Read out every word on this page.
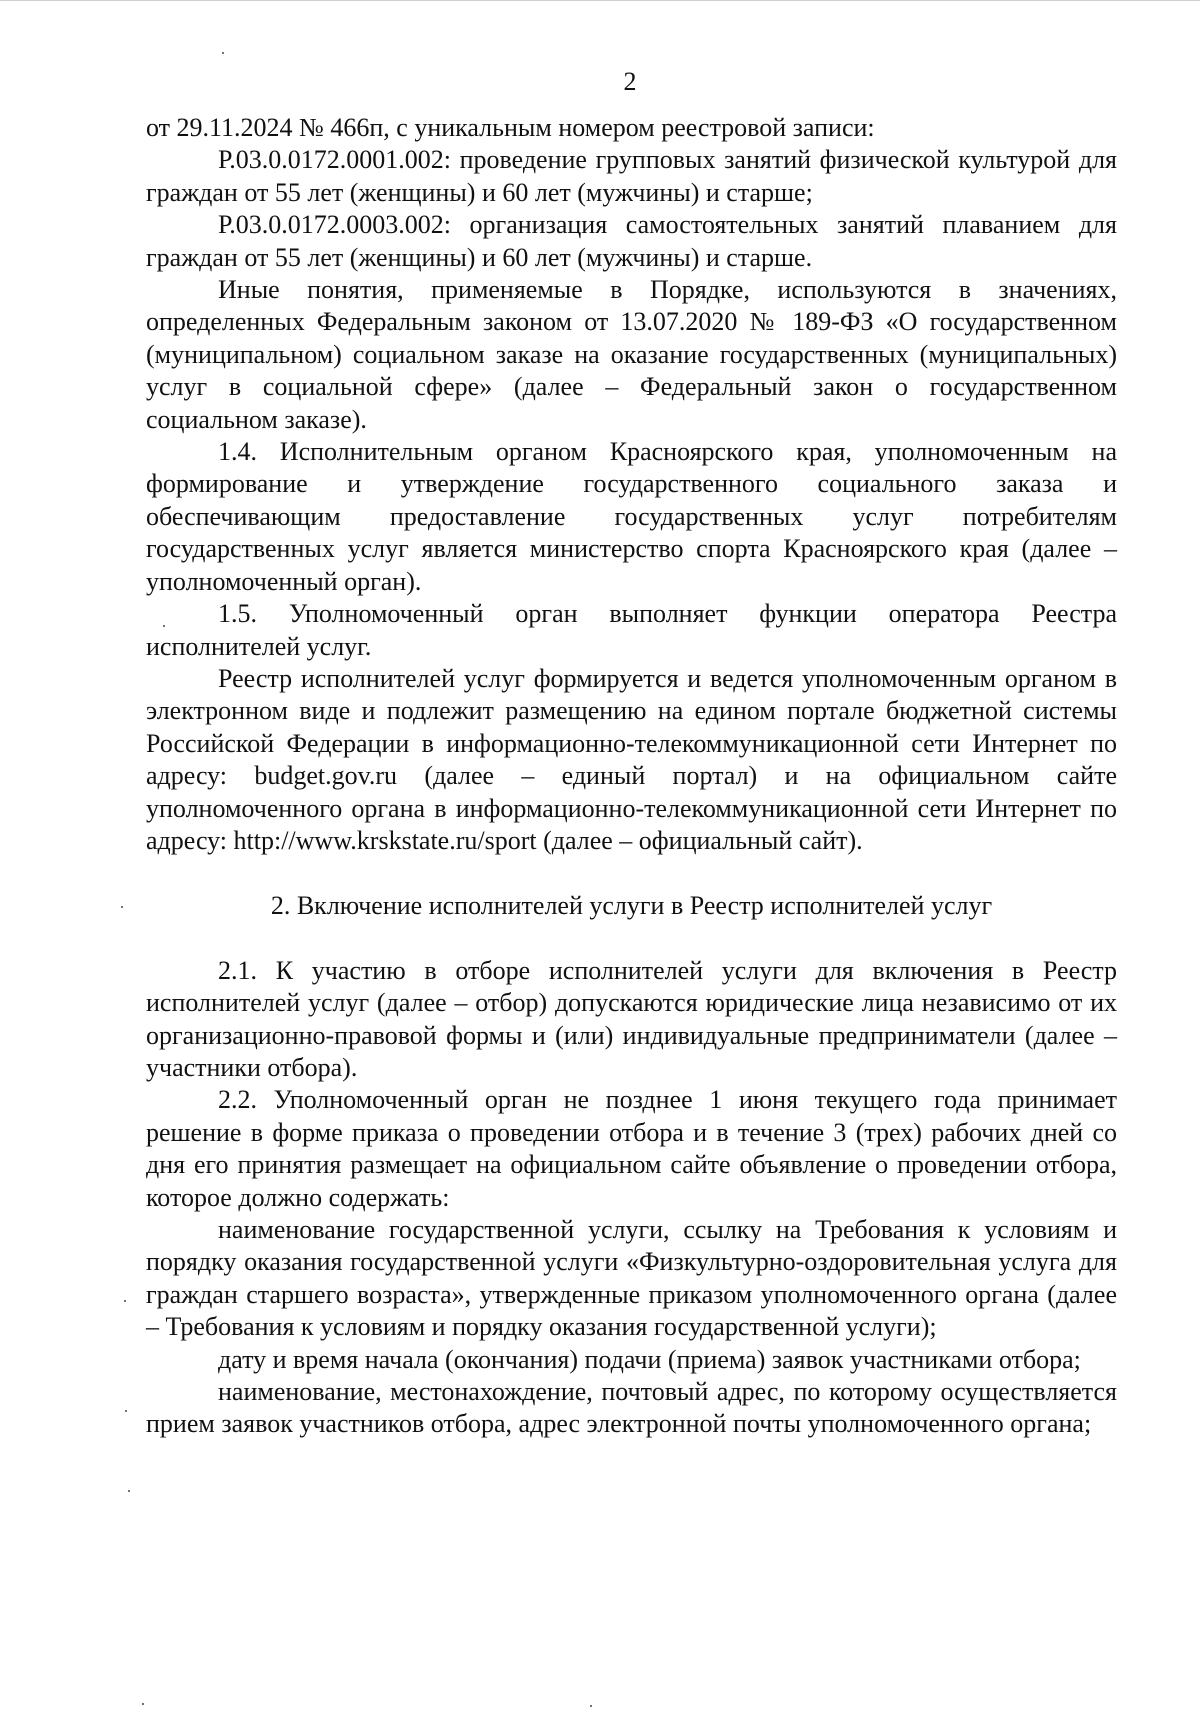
2

от 29.11.2024 № 466п, с уникальным номером реестровой записи:

Р.03.0.0172.0001.002: проведение групповых занятий физической культурой для граждан от 55 лет (женщины) и 60 лет (мужчины) и старше;

Р.03.0.0172.0003.002: организация самостоятельных занятий плаванием для граждан от 55 лет (женщины) и 60 лет (мужчины) и старше.

Иные понятия, применяемые в Порядке, используются в значениях, определенных Федеральным законом от 13.07.2020 № 189-ФЗ «О государственном (муниципальном) социальном заказе на оказание государственных (муниципальных) услуг в социальной сфере» (далее – Федеральный закон о государственном социальном заказе).

1.4. Исполнительным органом Красноярского края, уполномоченным на формирование и утверждение государственного социального заказа и обеспечивающим предоставление государственных услуг потребителям государственных услуг является министерство спорта Красноярского края (далее – уполномоченный орган).

1.5. Уполномоченный орган выполняет функции оператора Реестра исполнителей услуг.

Реестр исполнителей услуг формируется и ведется уполномоченным органом в электронном виде и подлежит размещению на едином портале бюджетной системы Российской Федерации в информационно-телекоммуникационной сети Интернет по адресу: budget.gov.ru (далее – единый портал) и на официальном сайте уполномоченного органа в информационно-телекоммуникационной сети Интернет по адресу: http://www.krskstate.ru/sport (далее – официальный сайт).

2. Включение исполнителей услуги в Реестр исполнителей услуг

2.1. К участию в отборе исполнителей услуги для включения в Реестр исполнителей услуг (далее – отбор) допускаются юридические лица независимо от их организационно-правовой формы и (или) индивидуальные предприниматели (далее – участники отбора).

2.2. Уполномоченный орган не позднее 1 июня текущего года принимает решение в форме приказа о проведении отбора и в течение 3 (трех) рабочих дней со дня его принятия размещает на официальном сайте объявление о проведении отбора, которое должно содержать:

наименование государственной услуги, ссылку на Требования к условиям и порядку оказания государственной услуги «Физкультурно-оздоровительная услуга для граждан старшего возраста», утвержденные приказом уполномоченного органа (далее – Требования к условиям и порядку оказания государственной услуги);

дату и время начала (окончания) подачи (приема) заявок участниками отбора;

наименование, местонахождение, почтовый адрес, по которому осуществляется прием заявок участников отбора, адрес электронной почты уполномоченного органа;
